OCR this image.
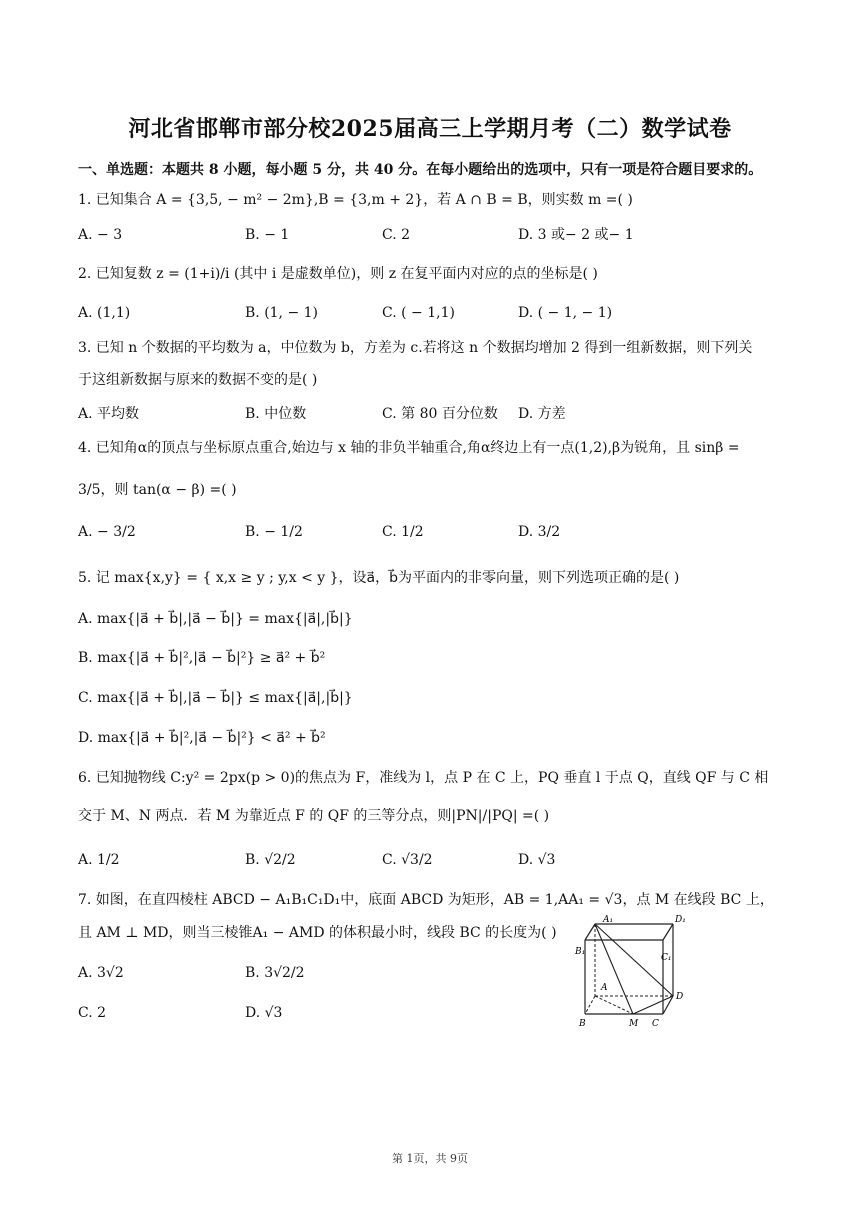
河北省邯郸市部分校2025届高三上学期月考（二）数学试卷
一、单选题：本题共 8 小题，每小题 5 分，共 40 分。在每小题给出的选项中，只有一项是符合题目要求的。
1. 已知集合 A = {3,5, − m² − 2m},B = {3,m + 2}，若 A ∩ B = B，则实数 m =( )
A. − 3	B. − 1	C. 2	D. 3 或− 2 或− 1
2. 已知复数 z = (1+i)/i (其中 i 是虚数单位)，则 z 在复平面内对应的点的坐标是( )
A. (1,1)	B. (1, − 1)	C. ( − 1,1)	D. ( − 1, − 1)
3. 已知 n 个数据的平均数为 a，中位数为 b，方差为 c.若将这 n 个数据均增加 2 得到一组新数据，则下列关
于这组新数据与原来的数据不变的是( )
A. 平均数	B. 中位数	C. 第 80 百分位数 D. 方差
4. 已知角α的顶点与坐标原点重合,始边与 x 轴的非负半轴重合,角α终边上有一点(1,2),β为锐角，且 sinβ =
3/5，则 tan(α − β) =( )
A. − 3/2	B. − 1/2	C. 1/2	D. 3/2
5. 记 max{x,y} = { x,x ≥ y ; y,x < y }，设a⃗，b⃗为平面内的非零向量，则下列选项正确的是( )
A. max{|a⃗ + b⃗|,|a⃗ − b⃗|} = max{|a⃗|,|b⃗|}
B. max{|a⃗ + b⃗|²,|a⃗ − b⃗|²} ≥ a⃗² + b⃗²
C. max{|a⃗ + b⃗|,|a⃗ − b⃗|} ≤ max{|a⃗|,|b⃗|}
D. max{|a⃗ + b⃗|²,|a⃗ − b⃗|²} < a⃗² + b⃗²
6. 已知抛物线 C:y² = 2px(p > 0)的焦点为 F，准线为 l，点 P 在 C 上，PQ 垂直 l 于点 Q，直线 QF 与 C 相
交于 M、N 两点．若 M 为靠近点 F 的 QF 的三等分点，则|PN|/|PQ| =( )
A. 1/2	B. √2/2	C. √3/2	D. √3
7. 如图，在直四棱柱 ABCD − A₁B₁C₁D₁中，底面 ABCD 为矩形，AB = 1,AA₁ = √3，点 M 在线段 BC 上，
且 AM ⊥ MD，则当三棱锥A₁ − AMD 的体积最小时，线段 BC 的长度为( )
A. 3√2	B. 3√2/2
C. 2	D. √3
A₁	D₁
B₁
C₁
A
D
B	M C
第 1页，共 9页
